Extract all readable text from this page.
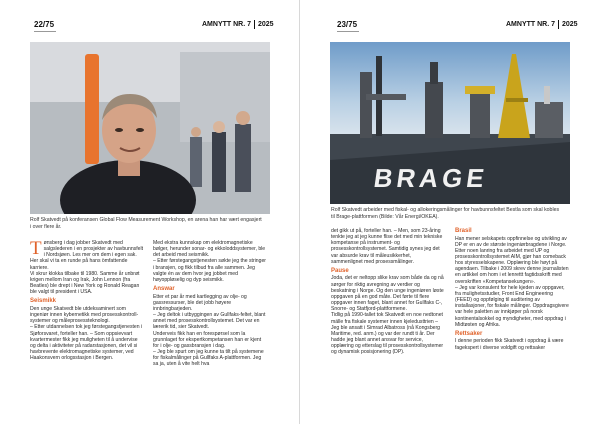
22/75	AMNYTT NR. 7 2025
Rolf Skatvedt på konferansen Global Flow Measurement Workshop, en arena han har vært engasjert i over flere år.

Tønsberg i dag jobber Skatvedt med salgslederen i en prosjekter av havbunnsfelt i Nordsjøen. Les mer om dem i egen sak. Her skal vi ta en runde på hans ömfattende karriere.

Vi skrur klokka tilbake til 1980. Samme år unbrøt krigen mellom Iran og Irak, John Lennon (fra Beatles) ble drept i New York og Ronald Reagan ble valgt til president i USA.

Seismikk

Den unge Skatvedt ble utdeksaminert som ingeniør innen kybernetikk med prosesskontroll-systemer og måleprosessteknologi.

– Etter utdannelsen tok jeg førstegangstjenesten i Sjøforsvaret, forteller han. – Som oppsievvart kvartermester fikk jeg muligheten til å undervise og delta i aktiviteter på radarstasjonen, det vil si havbrevente elektromagnetiske systemer, ved Haakonsvern orlogsstasjon i Bergen.

Med ekstra kunnskap om elektromagnetiske bølger, herunder sonar- og ekkoloddsystemer, ble det arbeid med seismikk.

– Etter førstegangstjenesten søkte jeg the stringer i bransjen, og fikk tilbud fra alle sammen. Jeg valgte én av dem hvor jeg jobbet med høyoppløselig og dyp seismikk.

Answar

Etter et par år med kartlegging av olje- og gassressurser, ble det jobb høyere innbringbarjeden.

– Jeg deltok i utbyggingen av Gullfaks-feltet, blant annet med prosesskontrollsystemet. Det var en lærerik tid, sier Skatvedt.

Underveis fikk han en forespørsel som la grunnlaget for ekspertkompetansen han er kjent for i olje- og gassbransjen i dag.

– Jeg ble spurt om jeg kunne ta tilt på systemene for fiskalmålinger på Gullfaks A-plattformen. Jeg sa ja, uten å vite helt hva

23/75	AMNYTT NR. 7 2025
BRAGE
Rolf Skatvedt arbeider med fiskal- og allokeringsmålinger for havbunnsfeltet Bestla som skal kobles til Brage-plattformen (Bilde: Vår Energi/OKEA).

det gikk ut på, forteller han. – Men, som 23-åring tenkte jeg at jeg kunne flise det med min tekniske kompetanse på instrument- og prosesskontrollsystemet. Samtidig synes jeg det var absurde krav til måleusikkerhet, sammenlignet med prosessmålinger.

Pause

Joda, det er neltopp slike krav som både da og nå sørger for riktig avregning av verdier og beskatning i Norge. Og den unge ingeniøren løste oppgaven på en god måte. Det førte til flere oppgaver innen faget, blant annet for Gullfaks C-, Snorre- og Statfjord-plattformene.

Tidlig på 1990-tallet tok Skatvedt en noe nedtonet mälle fra fiskale systemer innen kjeledusttrien – Jeg ble ansatt i Simrad Albatross (nå Kongsberg Maritime, red. anm.) og var der rundt ti år. Der hadde jeg blant annet ansvar for service, opplæring og etterslag til prosesskontrollsystemer og dynamisk posisjonering (DP).

Brasil

Han mener selskapets oppfinnelse og utvikling av DP er en av de største ingeniørbragdene i Norge. Etter noen lanring fra arbeidet med UP og prosesskontrollsystemet AIM, gjør han comeback hos styresselskapene. Opplæring ble høyt på agendaen. Tilbake i 2009 skrev denne journalisten en artikkel om hom i et lenrettt fagtidsskrift med overskriften «Kompetansekungen».

– Jeg var konsulent for hele kjeden av oppgaver, fra mulighetsstudier, Front End Engineering (FEED) og oppfølging til auditering av installasjoner, for fiskale målinger. Oppdragsgivere var hele paletten av innkjøper på norsk kontinentalsokkel og myndigheter, med oppdrag i Midtøsten og Afrika.

Rettsaker

I denne perioden fikk Skatvedt i oppdrag å være fagekspert i diverse voldgift og rettsaker
